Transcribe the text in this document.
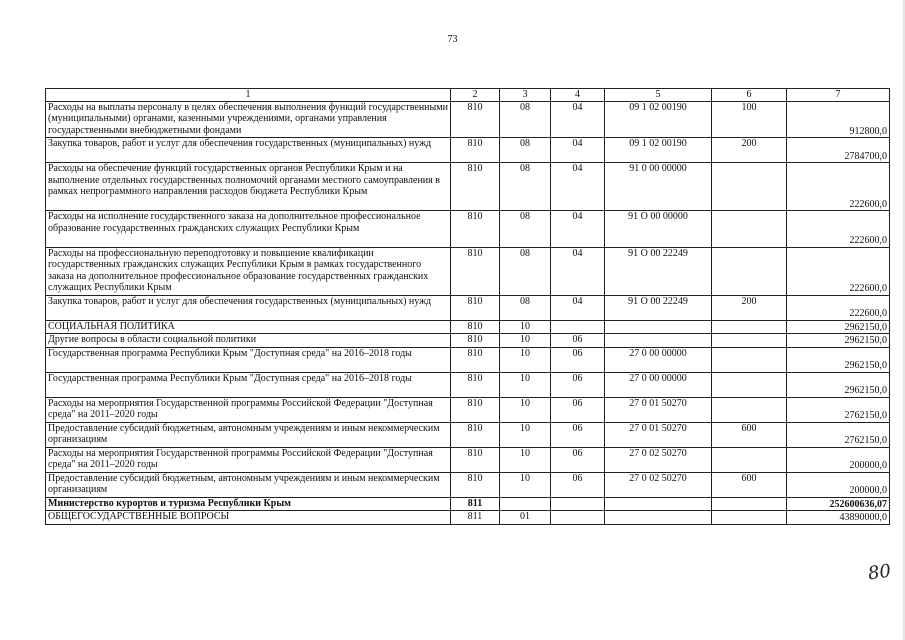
73
1	2	3	4	5	6	7
Расходы на выплаты персоналу в целях обеспечения выполнения функций государственными (муниципальными) органами, казенными учреждениями, органами управления государственными внебюджетными фондами	810	08	04	09 1 02 00190	100	912800,0
Закупка товаров, работ и услуг для обеспечения государственных (муниципальных) нужд	810	08	04	09 1 02 00190	200	2784700,0
Расходы на обеспечение функций государственных органов Республики Крым и на выполнение отдельных государственных полномочий органами местного самоуправления в рамках непрограммного направления расходов бюджета Республики Крым	810	08	04	91 0 00 00000		222600,0
Расходы на исполнение государственного заказа на дополнительное профессиональное образование государственных гражданских служащих Республики Крым	810	08	04	91 О 00 00000		222600,0
Расходы на профессиональную переподготовку и повышение квалификации государственных гражданских служащих Республики Крым в рамках государственного заказа на дополнительное профессиональное образование государственных гражданских служащих Республики Крым	810	08	04	91 О 00 22249		222600,0
Закупка товаров, работ и услуг для обеспечения государственных (муниципальных) нужд	810	08	04	91 О 00 22249	200	222600,0
СОЦИАЛЬНАЯ ПОЛИТИКА	810	10				2962150,0
Другие вопросы в области социальной политики	810	10	06			2962150,0
Государственная программа Республики Крым "Доступная среда" на 2016–2018 годы	810	10	06	27 0 00 00000		2962150,0
Государственная программа Республики Крым "Доступная среда" на 2016–2018 годы	810	10	06	27 0 00 00000		2962150,0
Расходы на мероприятия Государственной программы Российской Федерации "Доступная среда" на 2011–2020 годы	810	10	06	27 0 01 50270		2762150,0
Предоставление субсидий бюджетным, автономным учреждениям и иным некоммерческим организациям	810	10	06	27 0 01 50270	600	2762150,0
Расходы на мероприятия Государственной программы Российской Федерации "Доступная среда" на 2011–2020 годы	810	10	06	27 0 02 50270		200000,0
Предоставление субсидий бюджетным, автономным учреждениям и иным некоммерческим организациям	810	10	06	27 0 02 50270	600	200000,0
Министерство курортов и туризма Республики Крым	811					252600636,07
ОБЩЕГОСУДАРСТВЕННЫЕ ВОПРОСЫ	811	01				43890000,0
80
